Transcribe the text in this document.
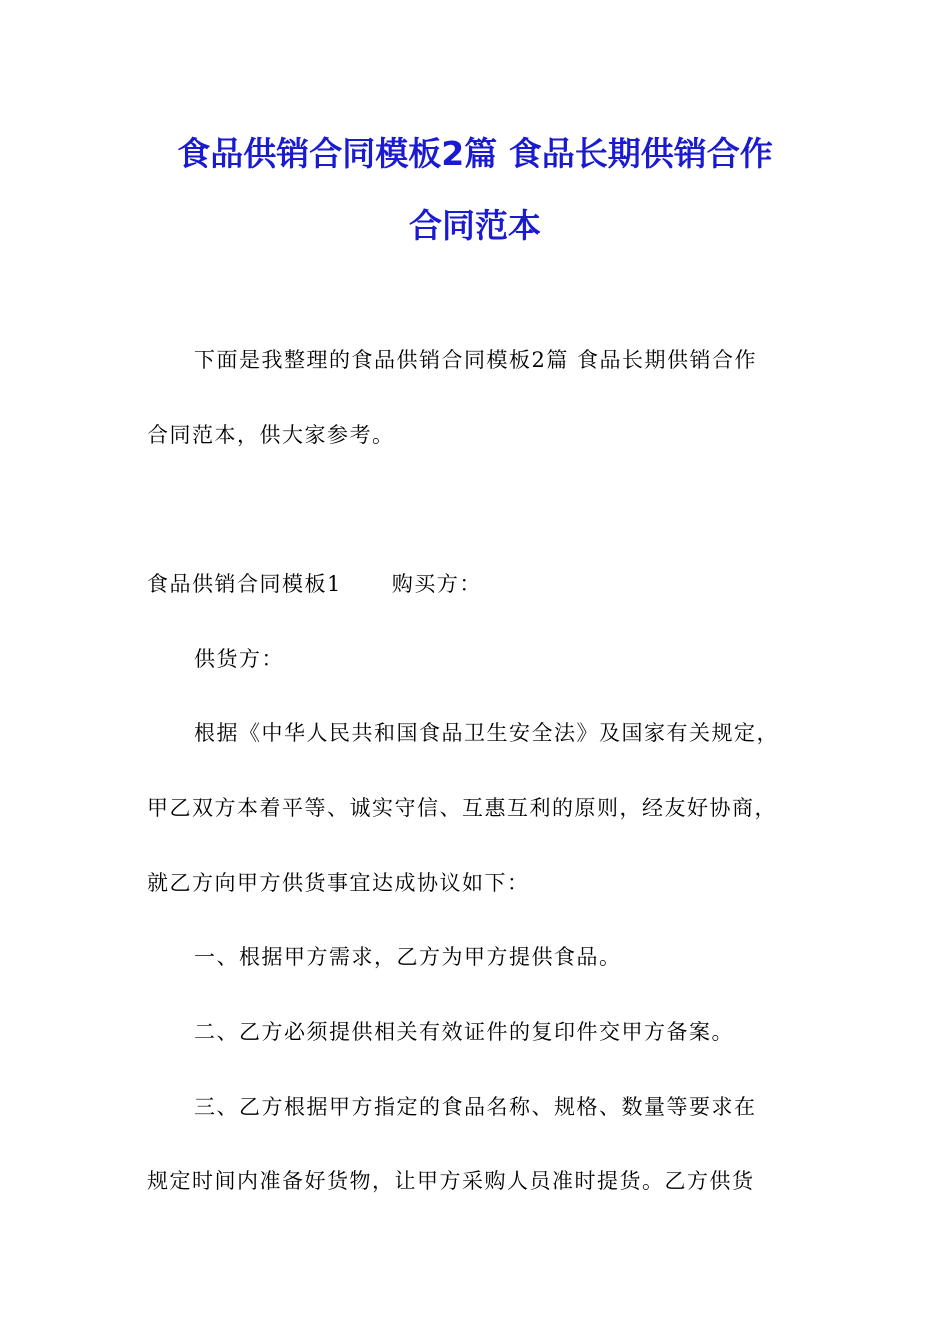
食品供销合同模板2篇 食品长期供销合作
合同范本
下面是我整理的食品供销合同模板2篇 食品长期供销合作
合同范本，供大家参考。
食品供销合同模板1 购买方：
供货方：
根据《中华人民共和国食品卫生安全法》及国家有关规定，
甲乙双方本着平等、诚实守信、互惠互利的原则，经友好协商，
就乙方向甲方供货事宜达成协议如下：
一、根据甲方需求，乙方为甲方提供食品。
二、乙方必须提供相关有效证件的复印件交甲方备案。
三、乙方根据甲方指定的食品名称、规格、数量等要求在
规定时间内准备好货物，让甲方采购人员准时提货。乙方供货
